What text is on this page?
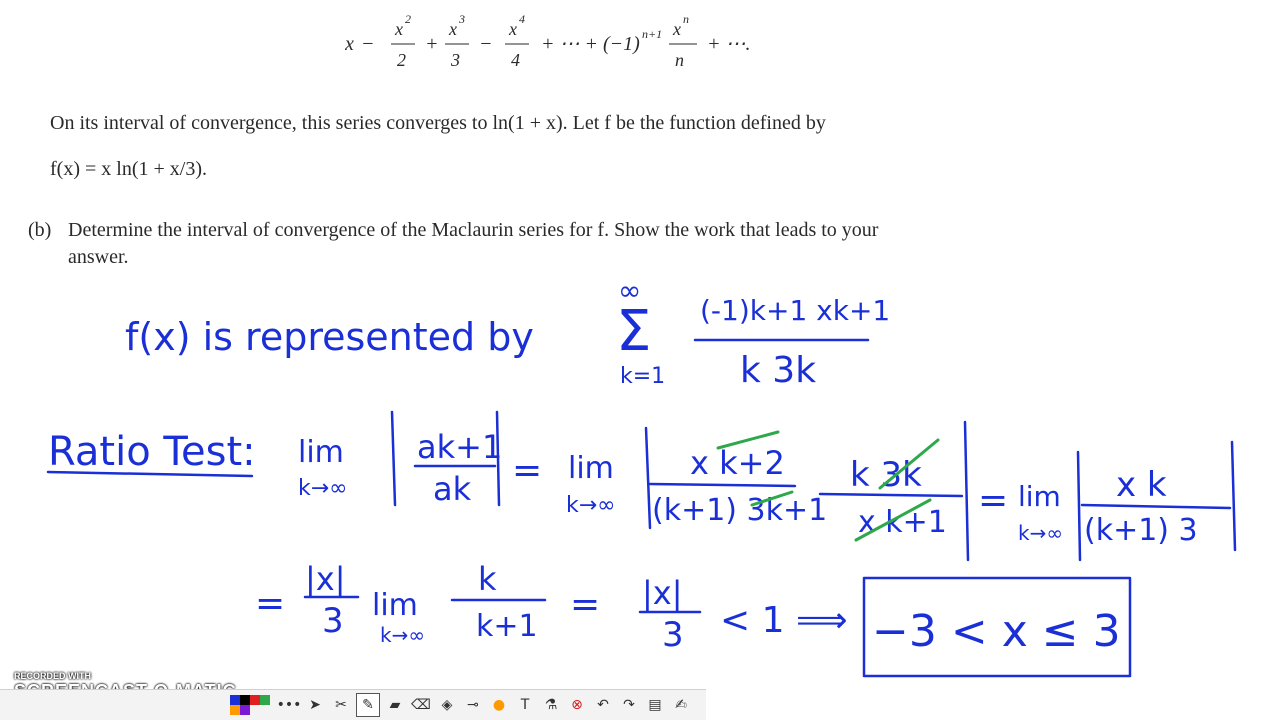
x −
x 2
2
+
x 3
3
−
x 4
4
+ ⋯ + (−1) n+1 x n
n
+ ⋯.
On its interval of convergence, this series converges to ln(1 + x). Let f be the function defined by
f(x) = x ln(1 + x/3).
(b) Determine the interval of convergence of the Maclaurin series for f. Show the work that leads to your
answer.
f(x) is represented by
∞
Σ
k=1
(-1)k+1 xk+1
k 3k
Ratio Test: lim
k→∞
ak+1
ak = lim
k→∞
x k+2
(k+1) 3k+1
k 3k
x k+1
= lim
k→∞
x k
(k+1) 3
=
|x|
3 lim
k→∞
k
k+1
= |x|
3 < 1 ⟹ −3 < x ≤ 3
RECORDED WITH
••• ➤	✂	✎	▰ ⌫ ◈	⊸	●	T	⚗ ⊗	↶	↷ ▤ ✍
